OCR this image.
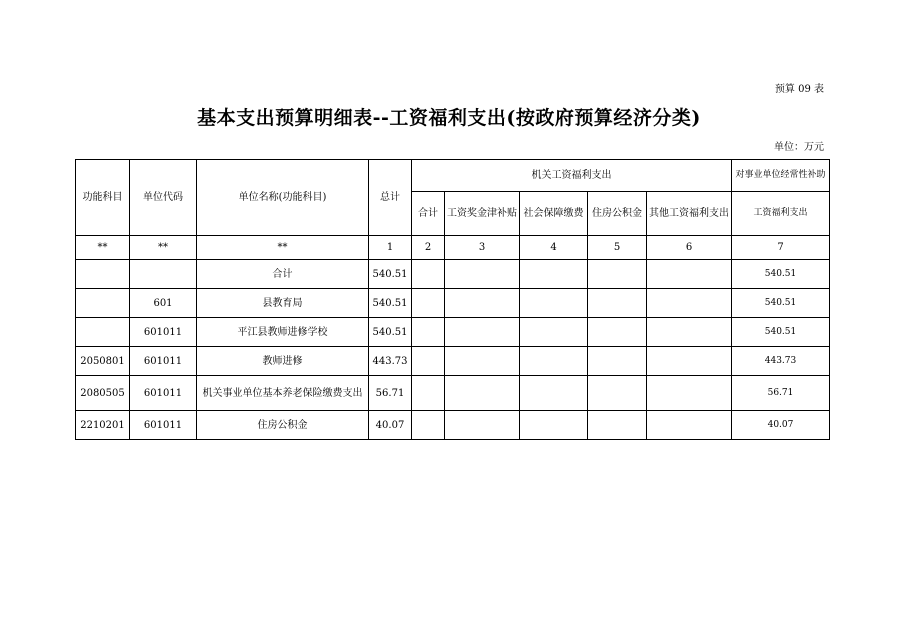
预算 09 表
基本支出预算明细表--工资福利支出(按政府预算经济分类)
单位：万元
功能科目	单位代码	单位名称(功能科目)	总计	机关工资福利支出					对事业单位经常性补助
				合计	工资奖金津补贴	社会保障缴费	住房公积金	其他工资福利支出	工资福利支出
**	**	**	1	2	3	4	5	6	7
		合计	540.51						540.51
	601	县教育局	540.51						540.51
	601011	平江县教师进修学校	540.51						540.51
2050801	601011	教师进修	443.73						443.73
2080505	601011	机关事业单位基本养老保险缴费支出	56.71						56.71
2210201	601011	住房公积金	40.07						40.07
